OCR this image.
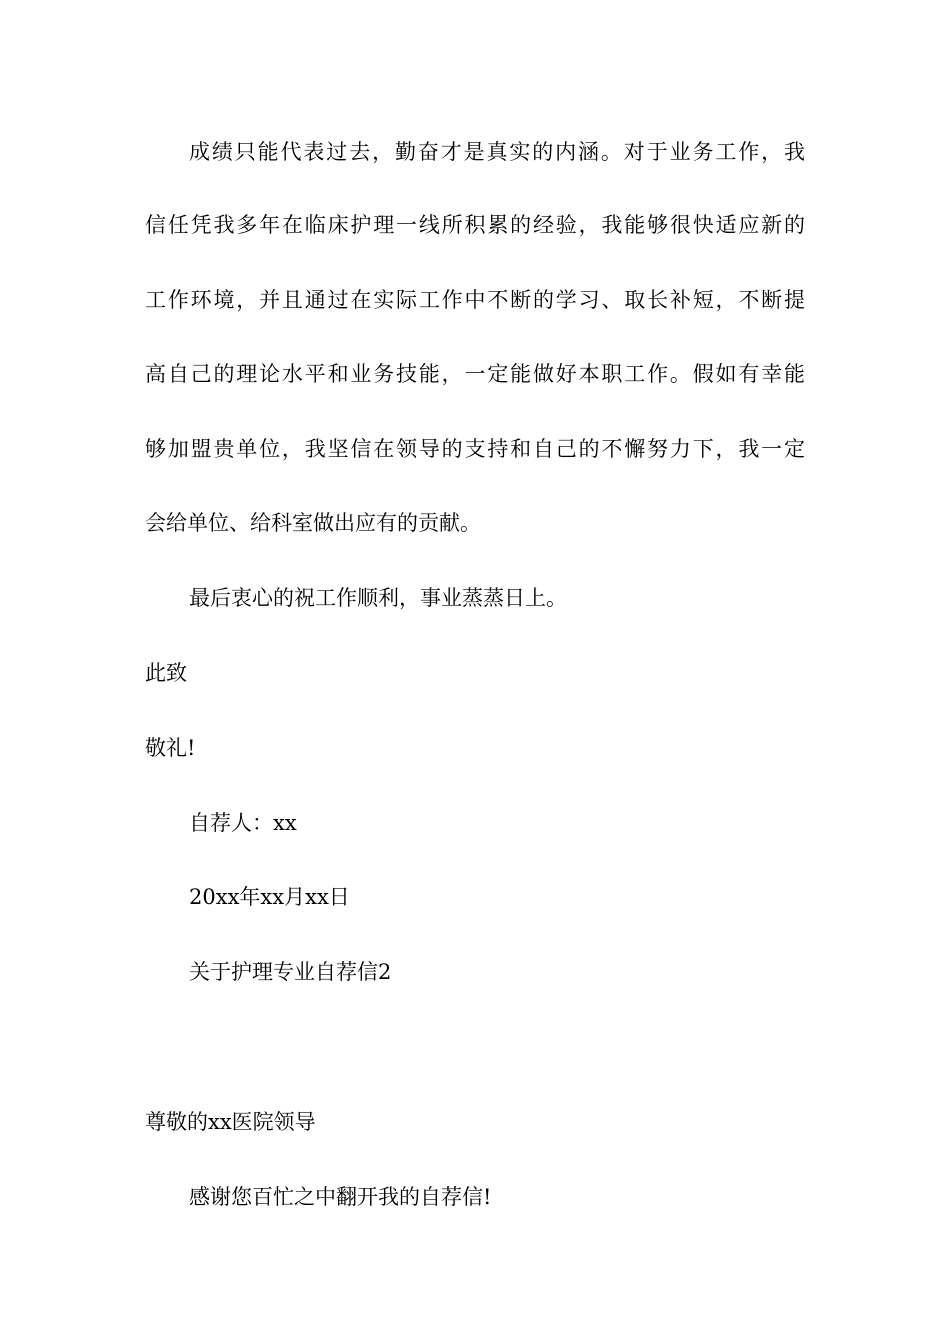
成绩只能代表过去，勤奋才是真实的内涵。对于业务工作，我

信任凭我多年在临床护理一线所积累的经验，我能够很快适应新的

工作环境，并且通过在实际工作中不断的学习、取长补短，不断提

高自己的理论水平和业务技能，一定能做好本职工作。假如有幸能

够加盟贵单位，我坚信在领导的支持和自己的不懈努力下，我一定

会给单位、给科室做出应有的贡献。

最后衷心的祝工作顺利，事业蒸蒸日上。

此致

敬礼!

自荐人：xx

20xx年xx月xx日

关于护理专业自荐信2

尊敬的xx医院领导

感谢您百忙之中翻开我的自荐信!
